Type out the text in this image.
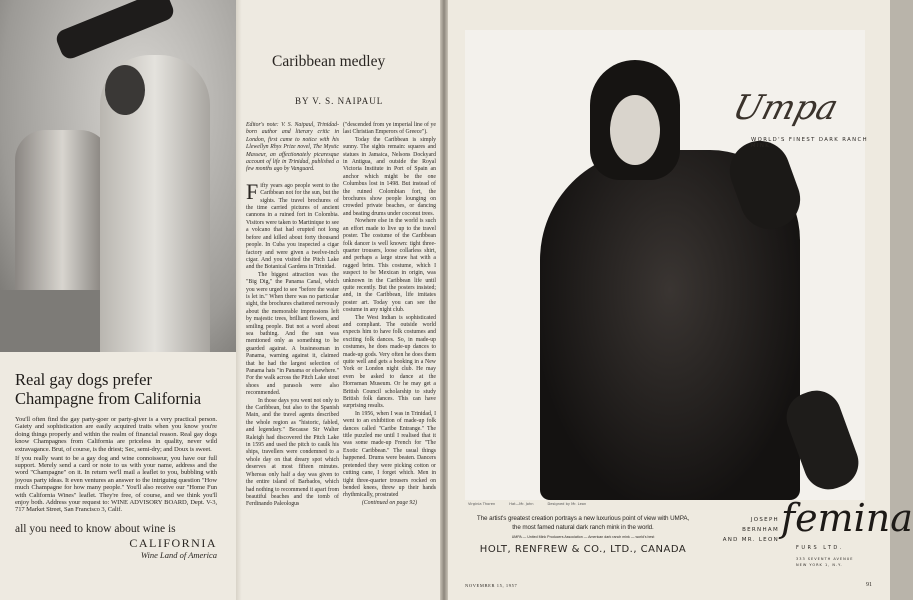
Real gay dogs prefer
Champagne from California

You'll often find the gay party-goer or party-giver is a very practical person. Gaiety and sophistication are easily acquired traits when you know you're doing things properly and within the realm of financial reason. Real gay dogs know Champagnes from California are priceless in quality, never wild extravagance. Brut, of course, is the driest; Sec, semi-dry; and Doux is sweet.

If you really want to be a gay dog and wine connoisseur, you have our full support. Merely send a card or note to us with your name, address and the word "Champagne" on it. In return we'll mail a leaflet to you, bubbling with joyous party ideas. It even ventures an answer to the intriguing question "How much Champagne for how many people." You'll also receive our "Home Fun with California Wines" leaflet. They're free, of course, and we think you'll enjoy both. Address your request to: WINE ADVISORY BOARD, Dept. V-3, 717 Market Street, San Francisco 3, Calif.

all you need to know about wine is
CALIFORNIA
Wine Land of America
Caribbean medley
BY V. S. NAIPAUL

Editor's note: V. S. Naipaul, Trinidad-born author and literary critic in London, first came to notice with his Llewellyn Rhys Prize novel, The Mystic Masseur, an affectionately picaresque account of life in Trinidad, published a few months ago by Vanguard.

Fifty years ago people went to the Caribbean not for the sun, but the sights. The travel brochures of the time carried pictures of ancient cannons in a ruined fort in Colombia. Visitors were taken to Martinique to see a volcano that had erupted not long before and killed about forty thousand people. In Cuba you inspected a cigar factory and were given a twelve-inch cigar. And you visited the Pitch Lake and the Botanical Gardens in Trinidad.

The biggest attraction was the "Big Dig," the Panama Canal, which you were urged to see "before the water is let in." When there was no particular sight, the brochures chattered nervously about the memorable impressions left by majestic trees, brilliant flowers, and smiling people. But not a word about sea bathing. And the sun was mentioned only as something to be guarded against. A businessman in Panama, warning against it, claimed that he had the largest selection of Panama hats "in Panama or elsewhere." For the walk across the Pitch Lake stout shoes and parasols were also recommended.

In those days you went not only to the Caribbean, but also to the Spanish Main, and the travel agents described the whole region as "historic, fabled, and legendary." Because Sir Walter Raleigh had discovered the Pitch Lake in 1595 and used the pitch to caulk his ships, travellers were condemned to a whole day on that dreary spot which deserves at most fifteen minutes. Whereas only half a day was given to the entire island of Barbados, which had nothing to recommend it apart from beautiful beaches and the tomb of Ferdinando Paleologus

("descended from ye imperial line of ye last Christian Emperors of Greece").

Today the Caribbean is simply sunny. The sights remain: squares and statues in Jamaica, Nelsons Dockyard in Antigua, and outside the Royal Victoria Institute in Port of Spain an anchor which might be the one Columbus lost in 1498. But instead of the ruined Colombian fort, the brochures show people lounging on crowded private beaches, or dancing and beating drums under coconut trees.

Nowhere else in the world is such an effort made to live up to the travel poster. The costume of the Caribbean folk dancer is well known: tight three-quarter trousers, loose collarless shirt, and perhaps a large straw hat with a ragged brim. This costume, which I suspect to be Mexican in origin, was unknown in the Caribbean life until quite recently. But the posters insisted; and, in the Caribbean, life imitates poster art. Today you can see the costume in any night club.

The West Indian is sophisticated and compliant. The outside world expects him to have folk costumes and exciting folk dances. So, in made-up costumes, he does made-up dances to made-up gods. Very often he does them quite well and gets a booking in a New York or London night club. He may even be asked to dance at the Hornsman Museum. Or he may get a British Council scholarship to study British folk dances. This can have surprising results.

In 1956, when I was in Trinidad, I went to an exhibition of made-up folk dances called "Caribe Entrange." The title puzzled me until I realised that it was some made-up French for "The Exotic Caribbean." The usual things happened. Drums were beaten. Dancers pretended they were picking cotton or cutting cane, I forget which. Men in tight three-quarter trousers rocked on bended knees, threw up their hands rhythmically, prostrated

(Continued on page 92)	Virginia Thoren	Hat—Mr. John	Designed by Mr. Leon
Umpa
WORLD'S FINEST DARK RANCH MINK
The artist's greatest creation portrays a new luxurious point of view with UMPA,
the most famed natural dark ranch mink in the world.
UMPA — United Mink Producers Association — American dark ranch mink — world's best
HOLT, RENFREW & CO., LTD., CANADA
JOSEPH BERNHAM
AND MR. LEON femina
FURS LTD.
333 SEVENTH AVENUE
NEW YORK 1, N.Y.
NOVEMBER 15, 1957	91
